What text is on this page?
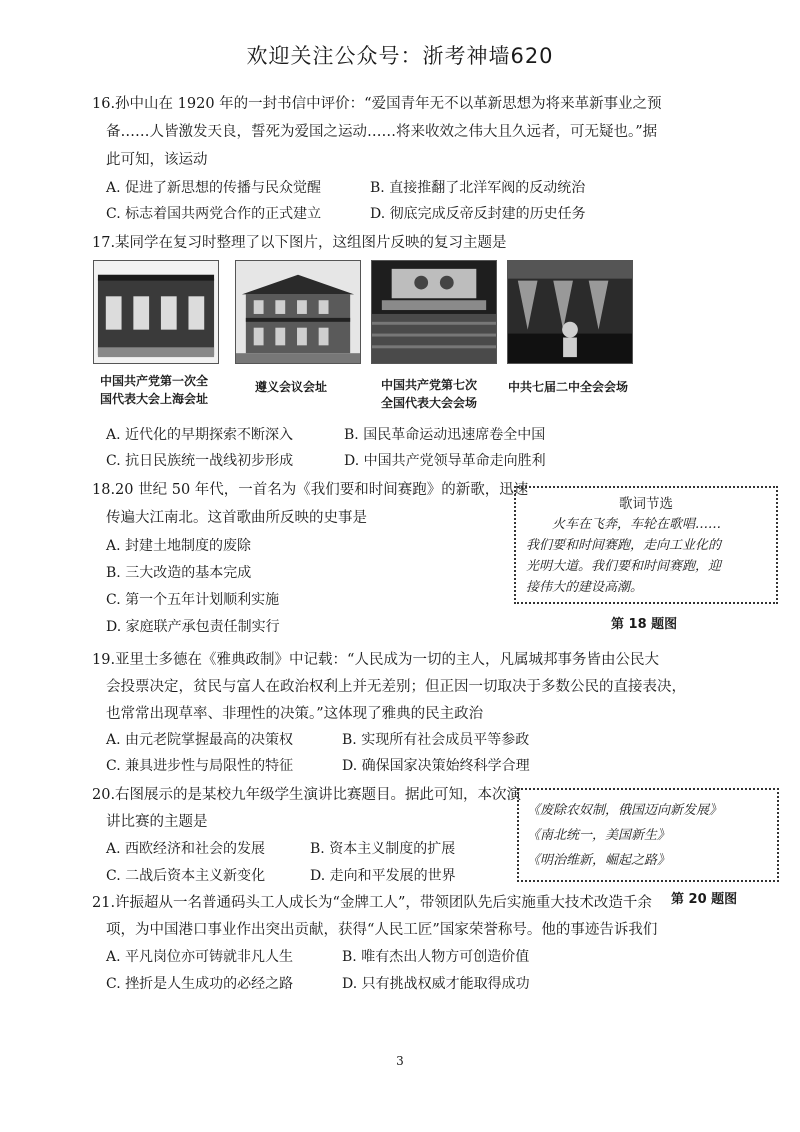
欢迎关注公众号：浙考神墙620
16.孙中山在 1920 年的一封书信中评价：“爱国青年无不以革新思想为将来革新事业之预
备……人皆激发天良，誓死为爱国之运动……将来收效之伟大且久远者，可无疑也。”据
此可知，该运动
A. 促进了新思想的传播与民众觉醒	B. 直接推翻了北洋军阀的反动统治
C. 标志着国共两党合作的正式建立	D. 彻底完成反帝反封建的历史任务
17.某同学在复习时整理了以下图片，这组图片反映的复习主题是
中国共产党第一次全
国代表大会上海会址
遵义会议会址	中国共产党第七次
全国代表大会会场
中共七届二中全会会场
A. 近代化的早期探索不断深入	B. 国民革命运动迅速席卷全中国
C. 抗日民族统一战线初步形成	D. 中国共产党领导革命走向胜利
18.20 世纪 50 年代，一首名为《我们要和时间赛跑》的新歌，迅速
传遍大江南北。这首歌曲所反映的史事是
A. 封建土地制度的废除
B. 三大改造的基本完成
C. 第一个五年计划顺利实施
D. 家庭联产承包责任制实行
歌词节选
　　火车在飞奔，车轮在歌唱……
我们要和时间赛跑，走向工业化的
光明大道。我们要和时间赛跑，迎
接伟大的建设高潮。
第 18 题图
19.亚里士多德在《雅典政制》中记载：“人民成为一切的主人，凡属城邦事务皆由公民大
会投票决定，贫民与富人在政治权利上并无差别；但正因一切取决于多数公民的直接表决，
也常常出现草率、非理性的决策。”这体现了雅典的民主政治
A. 由元老院掌握最高的决策权	B. 实现所有社会成员平等参政
C. 兼具进步性与局限性的特征	D. 确保国家决策始终科学合理
20.右图展示的是某校九年级学生演讲比赛题目。据此可知，本次演
讲比赛的主题是
A. 西欧经济和社会的发展	B. 资本主义制度的扩展
C. 二战后资本主义新变化	D. 走向和平发展的世界
《废除农奴制，俄国迈向新发展》
《南北统一，美国新生》
《明治维新，崛起之路》
第 20 题图
21.许振超从一名普通码头工人成长为“金牌工人”，带领团队先后实施重大技术改造千余
项，为中国港口事业作出突出贡献，获得“人民工匠”国家荣誉称号。他的事迹告诉我们
A. 平凡岗位亦可铸就非凡人生	B. 唯有杰出人物方可创造价值
C. 挫折是人生成功的必经之路	D. 只有挑战权威才能取得成功
3
